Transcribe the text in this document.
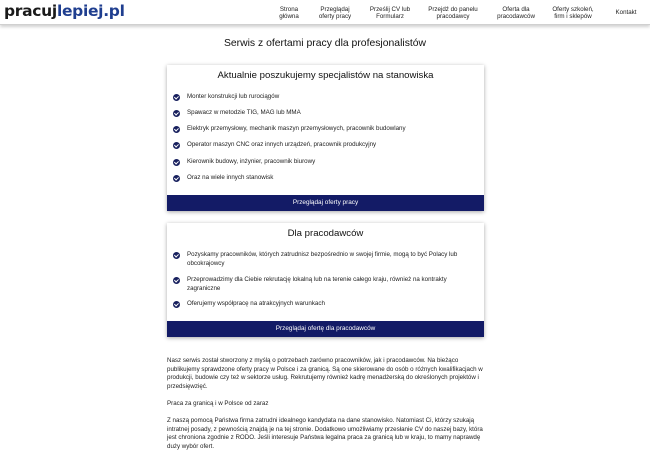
pracujlepiej.pl	Strona
główna
Przeglądaj
oferty pracy
Prześlij CV lub
Formularz
Przejdź do panelu
pracodawcy
Oferta dla
pracodawców
Oferty szkoleń,
firm i sklepów
Kontakt
Serwis z ofertami pracy dla profesjonalistów
Aktualnie poszukujemy specjalistów na stanowiska
Monter konstrukcji lub rurociągów
Spawacz w metodzie TIG, MAG lub MMA
Elektryk przemysłowy, mechanik maszyn przemysłowych, pracownik budowlany
Operator maszyn CNC oraz innych urządzeń, pracownik produkcyjny
Kierownik budowy, inżynier, pracownik biurowy
Oraz na wiele innych stanowisk
Przeglądaj oferty pracy
Dla pracodawców
Pozyskamy pracowników, których zatrudnisz bezpośrednio w swojej firmie, mogą to być Polacy lub obcokrajowcy
Przeprowadzimy dla Ciebie rekrutację lokalną lub na terenie całego kraju, również na kontrakty zagraniczne
Oferujemy współpracę na atrakcyjnych warunkach
Przeglądaj ofertę dla pracodawców
Nasz serwis został stworzony z myślą o potrzebach zarówno pracowników, jak i pracodawców. Na bieżąco publikujemy sprawdzone oferty pracy w Polsce i za granicą. Są one skierowane do osób o różnych kwalifikacjach w produkcji, budowie czy też w sektorze usług. Rekrutujemy również kadrę menadżerską do określonych projektów i przedsięwzięć.
Praca za granicą i w Polsce od zaraz
Z naszą pomocą Państwa firma zatrudni idealnego kandydata na dane stanowisko. Natomiast Ci, którzy szukają intratnej posady, z pewnością znajdą je na tej stronie. Dodatkowo umożliwiamy przesłanie CV do naszej bazy, która jest chroniona zgodnie z RODO. Jeśli interesuje Państwa legalna praca za granicą lub w kraju, to mamy naprawdę duży wybór ofert.
